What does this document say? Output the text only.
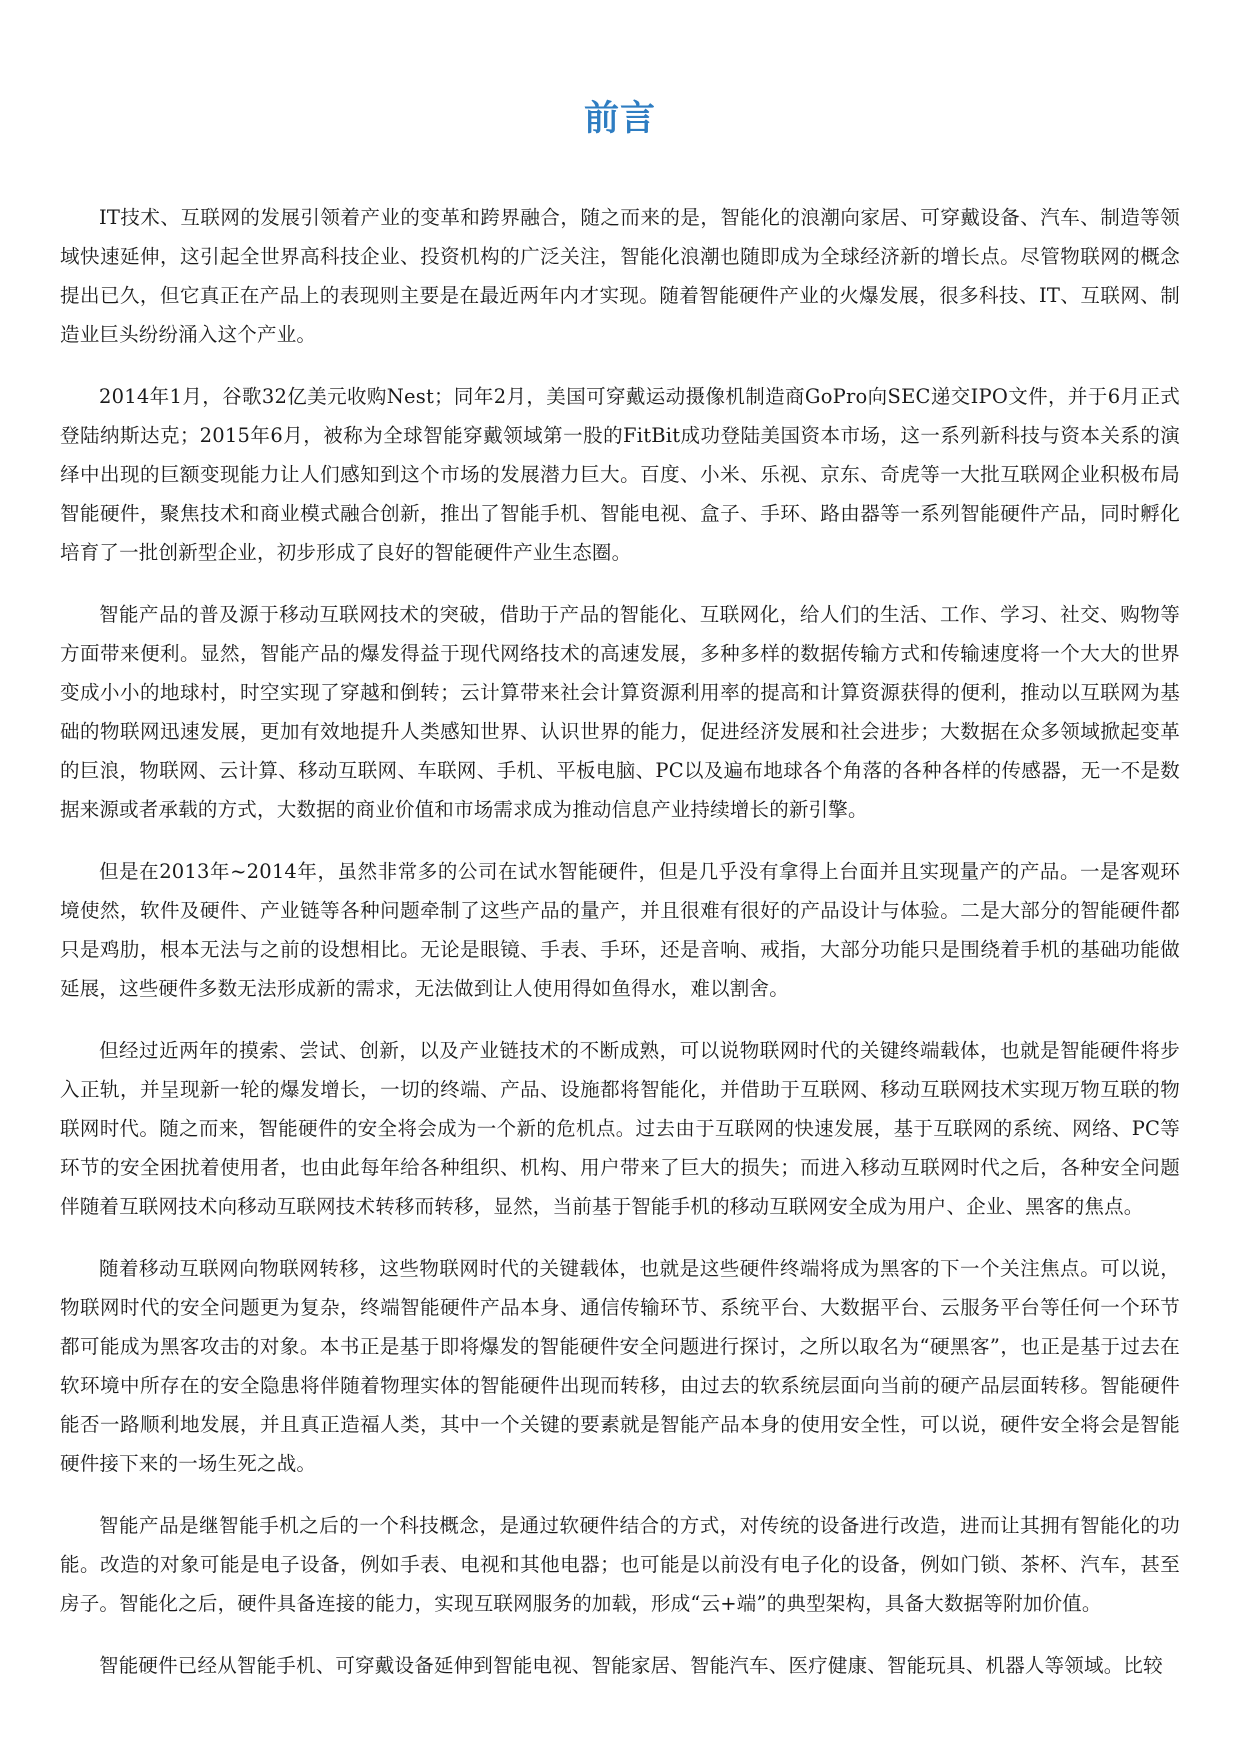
前言

IT技术、互联网的发展引领着产业的变革和跨界融合，随之而来的是，智能化的浪潮向家居、可穿戴设备、汽车、制造等领域快速延伸，这引起全世界高科技企业、投资机构的广泛关注，智能化浪潮也随即成为全球经济新的增长点。尽管物联网的概念提出已久，但它真正在产品上的表现则主要是在最近两年内才实现。随着智能硬件产业的火爆发展，很多科技、IT、互联网、制造业巨头纷纷涌入这个产业。

2014年1月，谷歌32亿美元收购Nest；同年2月，美国可穿戴运动摄像机制造商GoPro向SEC递交IPO文件，并于6月正式登陆纳斯达克；2015年6月，被称为全球智能穿戴领域第一股的FitBit成功登陆美国资本市场，这一系列新科技与资本关系的演绎中出现的巨额变现能力让人们感知到这个市场的发展潜力巨大。百度、小米、乐视、京东、奇虎等一大批互联网企业积极布局智能硬件，聚焦技术和商业模式融合创新，推出了智能手机、智能电视、盒子、手环、路由器等一系列智能硬件产品，同时孵化培育了一批创新型企业，初步形成了良好的智能硬件产业生态圈。

智能产品的普及源于移动互联网技术的突破，借助于产品的智能化、互联网化，给人们的生活、工作、学习、社交、购物等方面带来便利。显然，智能产品的爆发得益于现代网络技术的高速发展，多种多样的数据传输方式和传输速度将一个大大的世界变成小小的地球村，时空实现了穿越和倒转；云计算带来社会计算资源利用率的提高和计算资源获得的便利，推动以互联网为基础的物联网迅速发展，更加有效地提升人类感知世界、认识世界的能力，促进经济发展和社会进步；大数据在众多领域掀起变革的巨浪，物联网、云计算、移动互联网、车联网、手机、平板电脑、PC以及遍布地球各个角落的各种各样的传感器，无一不是数据来源或者承载的方式，大数据的商业价值和市场需求成为推动信息产业持续增长的新引擎。

但是在2013年~2014年，虽然非常多的公司在试水智能硬件，但是几乎没有拿得上台面并且实现量产的产品。一是客观环境使然，软件及硬件、产业链等各种问题牵制了这些产品的量产，并且很难有很好的产品设计与体验。二是大部分的智能硬件都只是鸡肋，根本无法与之前的设想相比。无论是眼镜、手表、手环，还是音响、戒指，大部分功能只是围绕着手机的基础功能做延展，这些硬件多数无法形成新的需求，无法做到让人使用得如鱼得水，难以割舍。

但经过近两年的摸索、尝试、创新，以及产业链技术的不断成熟，可以说物联网时代的关键终端载体，也就是智能硬件将步入正轨，并呈现新一轮的爆发增长，一切的终端、产品、设施都将智能化，并借助于互联网、移动互联网技术实现万物互联的物联网时代。随之而来，智能硬件的安全将会成为一个新的危机点。过去由于互联网的快速发展，基于互联网的系统、网络、PC等环节的安全困扰着使用者，也由此每年给各种组织、机构、用户带来了巨大的损失；而进入移动互联网时代之后，各种安全问题伴随着互联网技术向移动互联网技术转移而转移，显然，当前基于智能手机的移动互联网安全成为用户、企业、黑客的焦点。

随着移动互联网向物联网转移，这些物联网时代的关键载体，也就是这些硬件终端将成为黑客的下一个关注焦点。可以说，物联网时代的安全问题更为复杂，终端智能硬件产品本身、通信传输环节、系统平台、大数据平台、云服务平台等任何一个环节都可能成为黑客攻击的对象。本书正是基于即将爆发的智能硬件安全问题进行探讨，之所以取名为“硬黑客”，也正是基于过去在软环境中所存在的安全隐患将伴随着物理实体的智能硬件出现而转移，由过去的软系统层面向当前的硬产品层面转移。智能硬件能否一路顺利地发展，并且真正造福人类，其中一个关键的要素就是智能产品本身的使用安全性，可以说，硬件安全将会是智能硬件接下来的一场生死之战。

智能产品是继智能手机之后的一个科技概念，是通过软硬件结合的方式，对传统的设备进行改造，进而让其拥有智能化的功能。改造的对象可能是电子设备，例如手表、电视和其他电器；也可能是以前没有电子化的设备，例如门锁、茶杯、汽车，甚至房子。智能化之后，硬件具备连接的能力，实现互联网服务的加载，形成“云+端”的典型架构，具备大数据等附加价值。

智能硬件已经从智能手机、可穿戴设备延伸到智能电视、智能家居、智能汽车、医疗健康、智能玩具、机器人等领域。比较
